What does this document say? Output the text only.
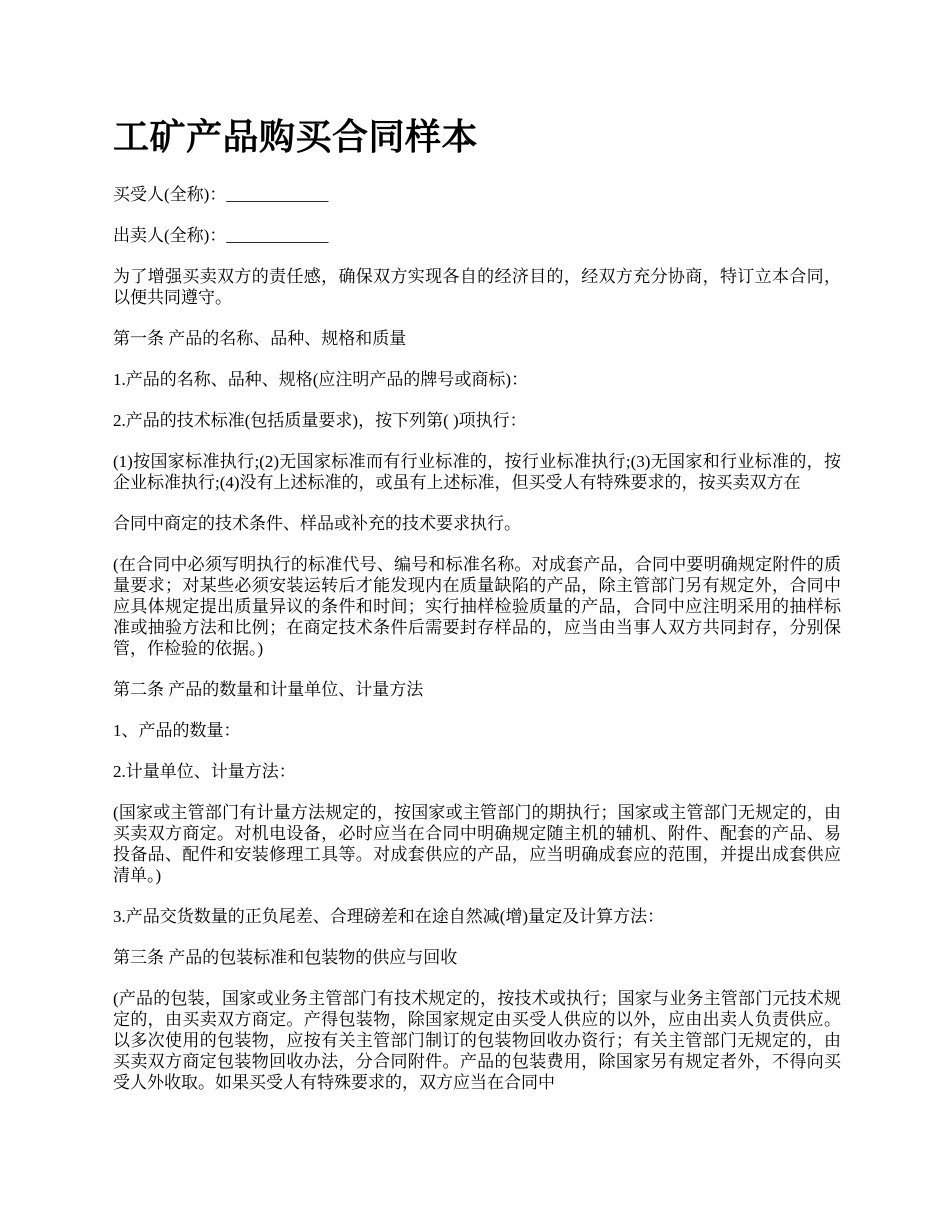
工矿产品购买合同样本

买受人(全称)：____________

出卖人(全称)：____________

为了增强买卖双方的责任感，确保双方实现各自的经济目的，经双方充分协商，特订立本合同，以便共同遵守。

第一条 产品的名称、品种、规格和质量

1.产品的名称、品种、规格(应注明产品的牌号或商标)：

2.产品的技术标准(包括质量要求)，按下列第( )项执行：

(1)按国家标准执行;(2)无国家标准而有行业标准的，按行业标准执行;(3)无国家和行业标准的，按企业标准执行;(4)没有上述标准的，或虽有上述标准，但买受人有特殊要求的，按买卖双方在

合同中商定的技术条件、样品或补充的技术要求执行。

(在合同中必须写明执行的标准代号、编号和标准名称。对成套产品，合同中要明确规定附件的质量要求；对某些必须安装运转后才能发现内在质量缺陷的产品，除主管部门另有规定外，合同中应具体规定提出质量异议的条件和时间；实行抽样检验质量的产品，合同中应注明采用的抽样标准或抽验方法和比例；在商定技术条件后需要封存样品的，应当由当事人双方共同封存，分别保管，作检验的依据。)

第二条 产品的数量和计量单位、计量方法

1、产品的数量：

2.计量单位、计量方法：

(国家或主管部门有计量方法规定的，按国家或主管部门的期执行；国家或主管部门无规定的，由买卖双方商定。对机电设备，必时应当在合同中明确规定随主机的辅机、附件、配套的产品、易投备品、配件和安装修理工具等。对成套供应的产品，应当明确成套应的范围，并提出成套供应清单。)

3.产品交货数量的正负尾差、合理磅差和在途自然减(增)量定及计算方法：

第三条 产品的包装标准和包装物的供应与回收

(产品的包装，国家或业务主管部门有技术规定的，按技术或执行；国家与业务主管部门元技术规定的，由买卖双方商定。产得包装物，除国家规定由买受人供应的以外，应由出卖人负责供应。以多次使用的包装物，应按有关主管部门制订的包装物回收办资行；有关主管部门无规定的，由买卖双方商定包装物回收办法，分合同附件。产品的包装费用，除国家另有规定者外，不得向买受人外收取。如果买受人有特殊要求的，双方应当在合同中
